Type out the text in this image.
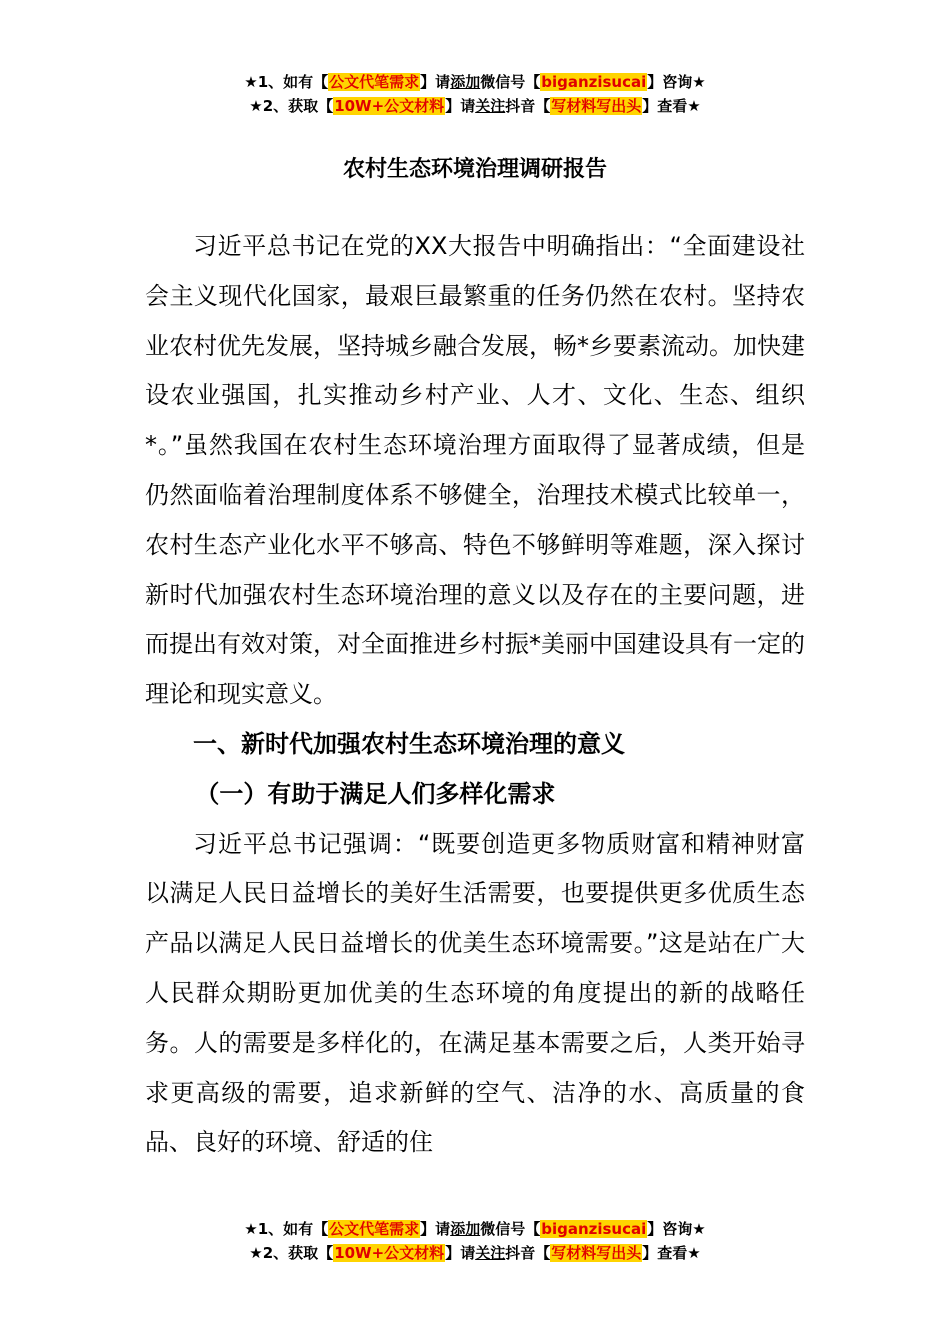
★1、如有【公文代笔需求】请添加微信号【biganzisucai】咨询★
★2、获取【10W+公文材料】请关注抖音【写材料写出头】查看★
农村生态环境治理调研报告

习近平总书记在党的XX大报告中明确指出：“全面建设社会主义现代化国家，最艰巨最繁重的任务仍然在农村。坚持农业农村优先发展，坚持城乡融合发展，畅*乡要素流动。加快建设农业强国，扎实推动乡村产业、人才、文化、生态、组织*。”虽然我国在农村生态环境治理方面取得了显著成绩，但是仍然面临着治理制度体系不够健全，治理技术模式比较单一，农村生态产业化水平不够高、特色不够鲜明等难题，深入探讨新时代加强农村生态环境治理的意义以及存在的主要问题，进而提出有效对策，对全面推进乡村振*美丽中国建设具有一定的理论和现实意义。

一、新时代加强农村生态环境治理的意义

（一）有助于满足人们多样化需求

习近平总书记强调：“既要创造更多物质财富和精神财富以满足人民日益增长的美好生活需要，也要提供更多优质生态产品以满足人民日益增长的优美生态环境需要。”这是站在广大人民群众期盼更加优美的生态环境的角度提出的新的战略任务。人的需要是多样化的，在满足基本需要之后，人类开始寻求更高级的需要，追求新鲜的空气、洁净的水、高质量的食品、良好的环境、舒适的住

★1、如有【公文代笔需求】请添加微信号【biganzisucai】咨询★
★2、获取【10W+公文材料】请关注抖音【写材料写出头】查看★
